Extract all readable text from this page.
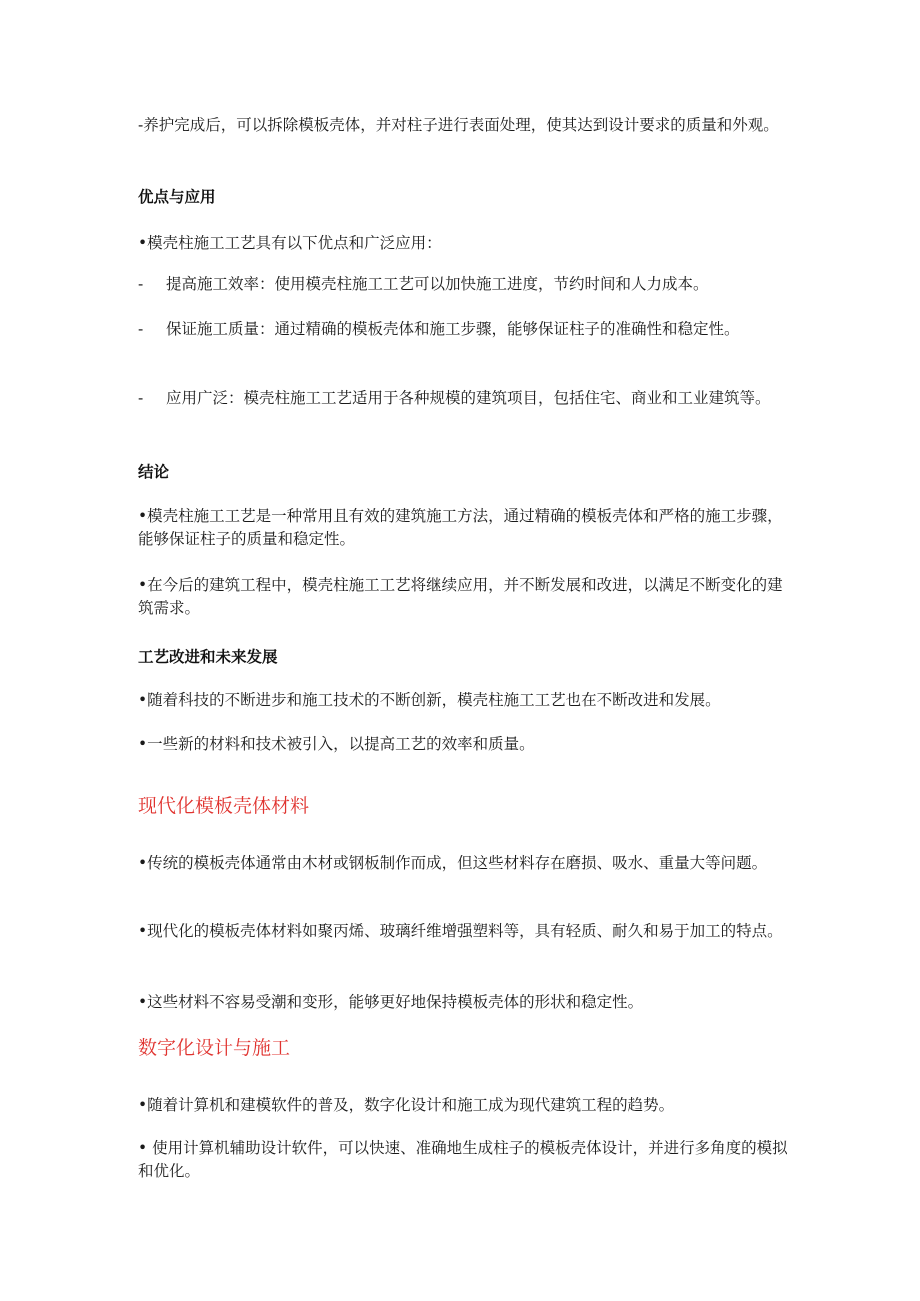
-养护完成后，可以拆除模板壳体，并对柱子进行表面处理，使其达到设计要求的质量和外观。

优点与应用

•模壳柱施工工艺具有以下优点和广泛应用：

- 提高施工效率：使用模壳柱施工工艺可以加快施工进度，节约时间和人力成本。

- 保证施工质量：通过精确的模板壳体和施工步骤，能够保证柱子的准确性和稳定性。

- 应用广泛：模壳柱施工工艺适用于各种规模的建筑项目，包括住宅、商业和工业建筑等。

结论

•模壳柱施工工艺是一种常用且有效的建筑施工方法，通过精确的模板壳体和严格的施工步骤，能够保证柱子的质量和稳定性。

•在今后的建筑工程中，模壳柱施工工艺将继续应用，并不断发展和改进，以满足不断变化的建筑需求。

工艺改进和未来发展

•随着科技的不断进步和施工技术的不断创新，模壳柱施工工艺也在不断改进和发展。

•一些新的材料和技术被引入，以提高工艺的效率和质量。

现代化模板壳体材料

•传统的模板壳体通常由木材或钢板制作而成，但这些材料存在磨损、吸水、重量大等问题。

•现代化的模板壳体材料如聚丙烯、玻璃纤维增强塑料等，具有轻质、耐久和易于加工的特点。

•这些材料不容易受潮和变形，能够更好地保持模板壳体的形状和稳定性。

数字化设计与施工

•随着计算机和建模软件的普及，数字化设计和施工成为现代建筑工程的趋势。

• 使用计算机辅助设计软件，可以快速、准确地生成柱子的模板壳体设计，并进行多角度的模拟和优化。
